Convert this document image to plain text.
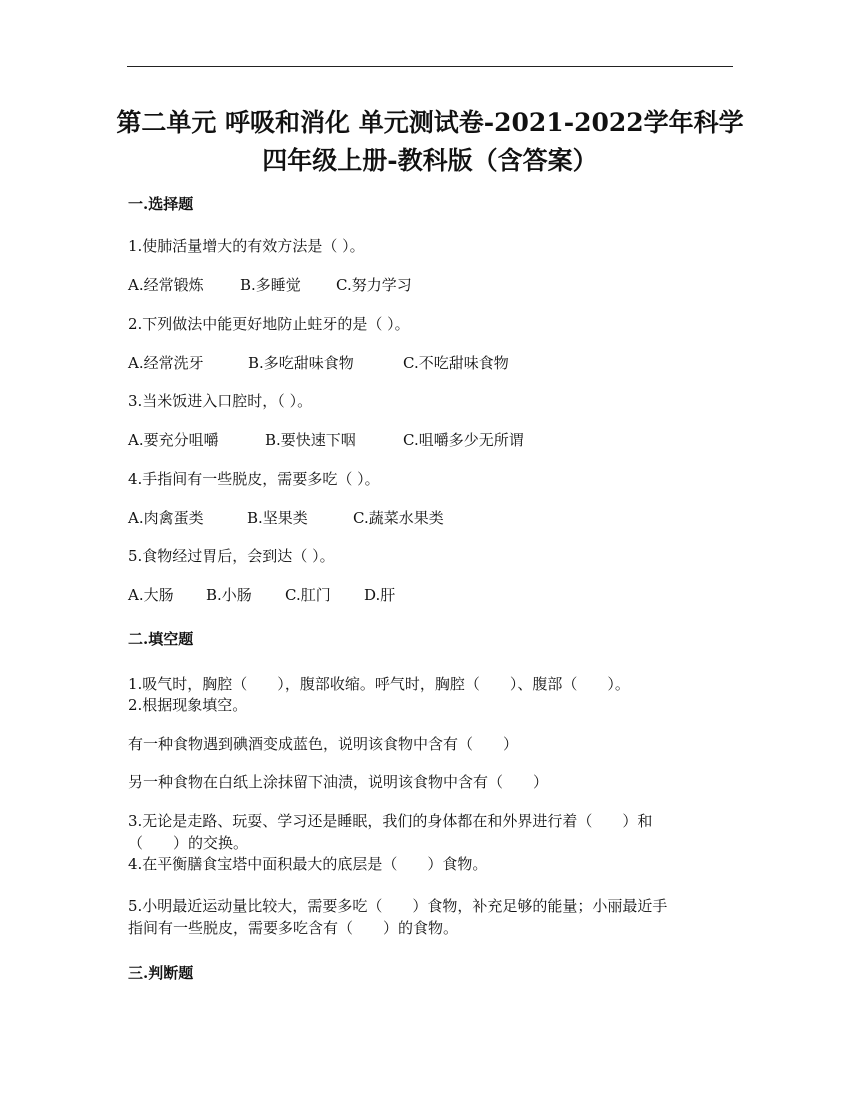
第二单元 呼吸和消化 单元测试卷-2021-2022学年科学
四年级上册-教科版（含答案）
一.选择题
1.使肺活量增大的有效方法是（ ）。
A.经常锻炼 B.多睡觉 C.努力学习
2.下列做法中能更好地防止蛀牙的是（ ）。
A.经常洗牙	B.多吃甜味食物	C.不吃甜味食物
3.当米饭进入口腔时，（ ）。
A.要充分咀嚼	B.要快速下咽	C.咀嚼多少无所谓
4.手指间有一些脱皮，需要多吃（ ）。
A.肉禽蛋类	B.坚果类	C.蔬菜水果类
5.食物经过胃后，会到达（ ）。
A.大肠 B.小肠 C.肛门 D.肝
二.填空题
1.吸气时，胸腔（　　），腹部收缩。呼气时，胸腔（　　）、腹部（　　）。
2.根据现象填空。
有一种食物遇到碘酒变成蓝色，说明该食物中含有（　　）
另一种食物在白纸上涂抹留下油渍，说明该食物中含有（　　）
3.无论是走路、玩耍、学习还是睡眠，我们的身体都在和外界进行着（　　）和
（　　）的交换。
4.在平衡膳食宝塔中面积最大的底层是（　　）食物。
5.小明最近运动量比较大，需要多吃（　　）食物，补充足够的能量；小丽最近手
指间有一些脱皮，需要多吃含有（　　）的食物。
三.判断题
